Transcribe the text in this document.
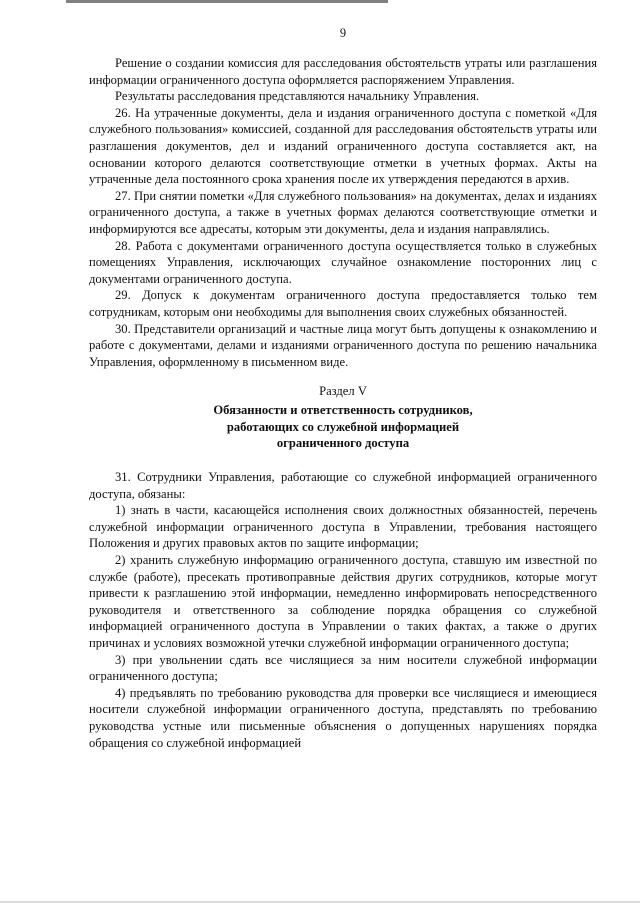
9

Решение о создании комиссия для расследования обстоятельств утраты или разглашения информации ограниченного доступа оформляется распоряжением Управления.

Результаты расследования представляются начальнику Управления.

26. На утраченные документы, дела и издания ограниченного доступа с пометкой «Для служебного пользования» комиссией, созданной для расследования обстоятельств утраты или разглашения документов, дел и изданий ограниченного доступа составляется акт, на основании которого делаются соответствующие отметки в учетных формах. Акты на утраченные дела постоянного срока хранения после их утверждения передаются в архив.

27. При снятии пометки «Для служебного пользования» на документах, делах и изданиях ограниченного доступа, а также в учетных формах делаются соответствующие отметки и информируются все адресаты, которым эти документы, дела и издания направлялись.

28. Работа с документами ограниченного доступа осуществляется только в служебных помещениях Управления, исключающих случайное ознакомление посторонних лиц с документами ограниченного доступа.

29. Допуск к документам ограниченного доступа предоставляется только тем сотрудникам, которым они необходимы для выполнения своих служебных обязанностей.

30. Представители организаций и частные лица могут быть допущены к ознакомлению и работе с документами, делами и изданиями ограниченного доступа по решению начальника Управления, оформленному в письменном виде.

Раздел V
Обязанности и ответственность сотрудников,
работающих со служебной информацией
ограниченного доступа

31. Сотрудники Управления, работающие со служебной информацией ограниченного доступа, обязаны:

1) знать в части, касающейся исполнения своих должностных обязанностей, перечень служебной информации ограниченного доступа в Управлении, требования настоящего Положения и других правовых актов по защите информации;

2) хранить служебную информацию ограниченного доступа, ставшую им известной по службе (работе), пресекать противоправные действия других сотрудников, которые могут привести к разглашению этой информации, немедленно информировать непосредственного руководителя и ответственного за соблюдение порядка обращения со служебной информацией ограниченного доступа в Управлении о таких фактах, а также о других причинах и условиях возможной утечки служебной информации ограниченного доступа;

3) при увольнении сдать все числящиеся за ним носители служебной информации ограниченного доступа;

4) предъявлять по требованию руководства для проверки все числящиеся и имеющиеся носители служебной информации ограниченного доступа, представлять по требованию руководства устные или письменные объяснения о допущенных нарушениях порядка обращения со служебной информацией
